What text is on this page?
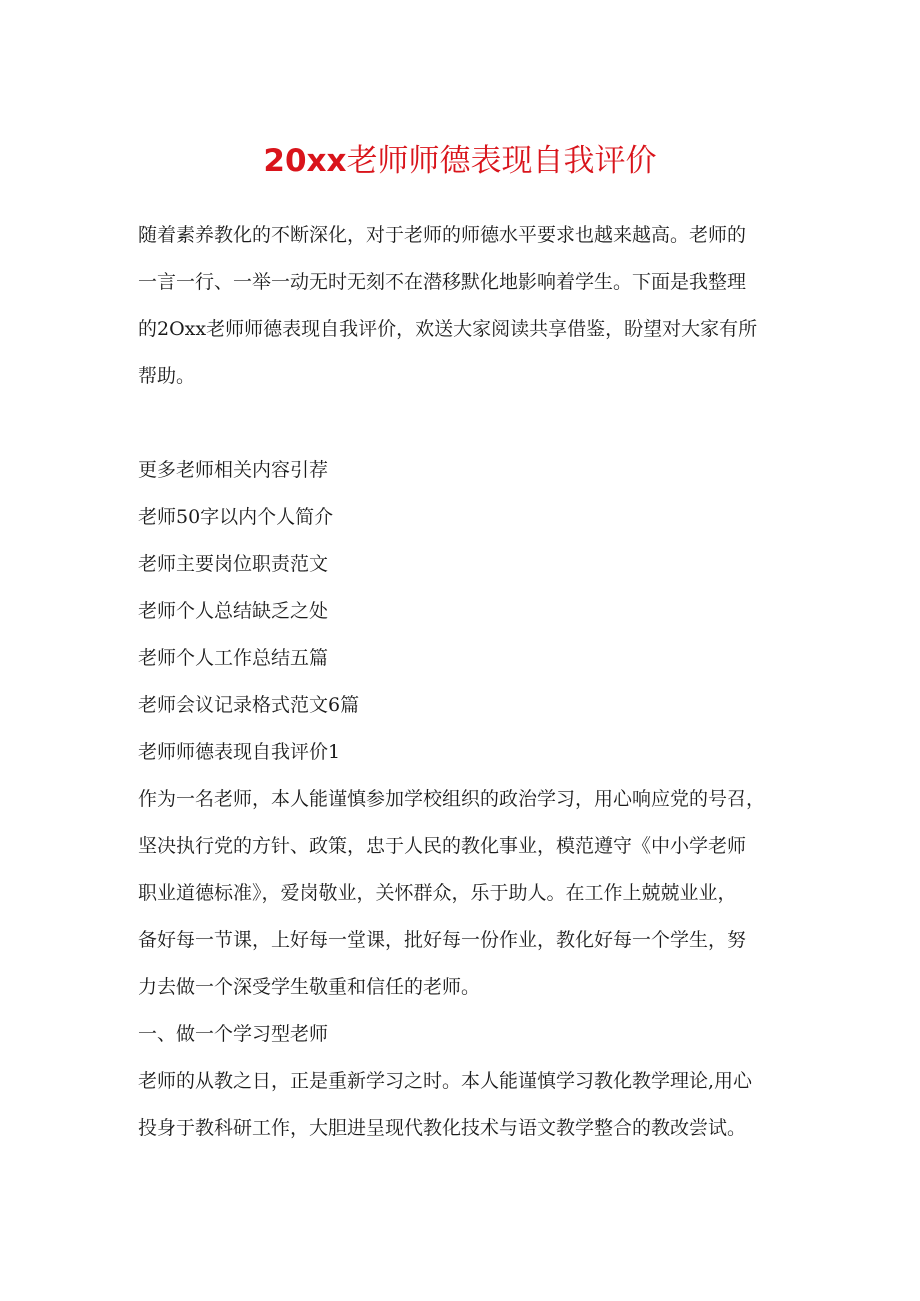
20xx老师师德表现自我评价

随着素养教化的不断深化，对于老师的师德水平要求也越来越高。老师的

一言一行、一举一动无时无刻不在潜移默化地影响着学生。下面是我整理

的2Oxx老师师德表现自我评价，欢送大家阅读共享借鉴，盼望对大家有所

帮助。

更多老师相关内容引荐

老师50字以内个人简介

老师主要岗位职责范文

老师个人总结缺乏之处

老师个人工作总结五篇

老师会议记录格式范文6篇

老师师德表现自我评价1

作为一名老师，本人能谨慎参加学校组织的政治学习，用心响应党的号召，

坚决执行党的方针、政策，忠于人民的教化事业，模范遵守《中小学老师

职业道德标准》，爱岗敬业，关怀群众，乐于助人。在工作上兢兢业业，

备好每一节课，上好每一堂课，批好每一份作业，教化好每一个学生，努

力去做一个深受学生敬重和信任的老师。

一、做一个学习型老师

老师的从教之日，正是重新学习之时。本人能谨慎学习教化教学理论,用心

投身于教科研工作，大胆进呈现代教化技术与语文教学整合的教改尝试。
